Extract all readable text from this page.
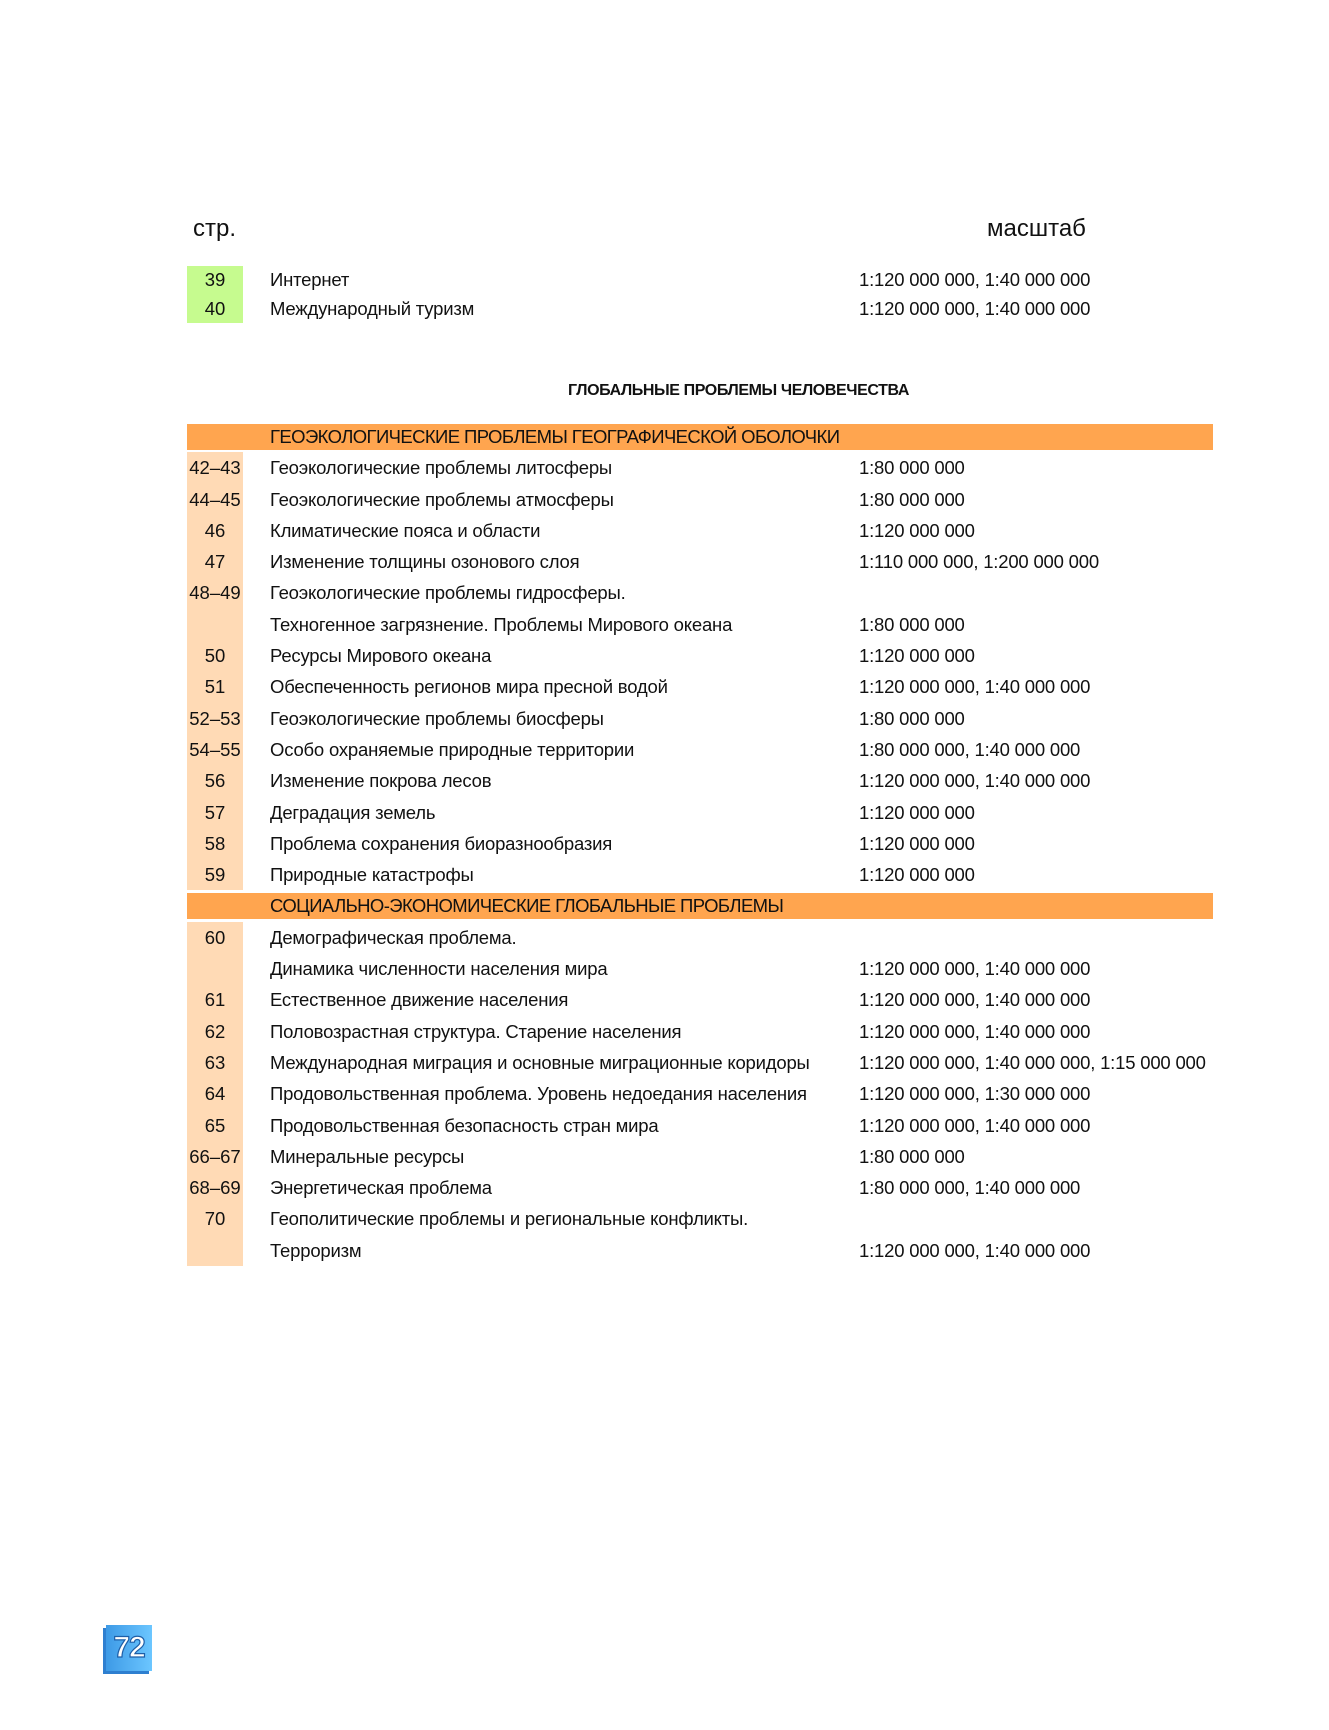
стр.	масштаб
39	Интернет	1:120 000 000, 1:40 000 000
40	Международный туризм	1:120 000 000, 1:40 000 000
ГЛОБАЛЬНЫЕ ПРОБЛЕМЫ ЧЕЛОВЕЧЕСТВА
ГЕОЭКОЛОГИЧЕСКИЕ ПРОБЛЕМЫ ГЕОГРАФИЧЕСКОЙ ОБОЛОЧКИ
42–43 Геоэкологические проблемы литосферы	1:80 000 000
44–45 Геоэкологические проблемы атмосферы	1:80 000 000
46	Климатические пояса и области	1:120 000 000
47	Изменение толщины озонового слоя	1:110 000 000, 1:200 000 000
48–49 Геоэкологические проблемы гидросферы.
Техногенное загрязнение. Проблемы Мирового океана	1:80 000 000
50	Ресурсы Мирового океана	1:120 000 000
51	Обеспеченность регионов мира пресной водой	1:120 000 000, 1:40 000 000
52–53 Геоэкологические проблемы биосферы	1:80 000 000
54–55 Особо охраняемые природные территории	1:80 000 000, 1:40 000 000
56	Изменение покрова лесов	1:120 000 000, 1:40 000 000
57	Деградация земель	1:120 000 000
58	Проблема сохранения биоразнообразия	1:120 000 000
59	Природные катастрофы	1:120 000 000
СОЦИАЛЬНО-ЭКОНОМИЧЕСКИЕ ГЛОБАЛЬНЫЕ ПРОБЛЕМЫ
60	Демографическая проблема.
Динамика численности населения мира	1:120 000 000, 1:40 000 000
61	Естественное движение населения	1:120 000 000, 1:40 000 000
62	Половозрастная структура. Старение населения	1:120 000 000, 1:40 000 000
63	Международная миграция и основные миграционные коридоры	1:120 000 000, 1:40 000 000, 1:15 000 000
64	Продовольственная проблема. Уровень недоедания населения	1:120 000 000, 1:30 000 000
65	Продовольственная безопасность стран мира	1:120 000 000, 1:40 000 000
66–67 Минеральные ресурсы	1:80 000 000
68–69 Энергетическая проблема	1:80 000 000, 1:40 000 000
70	Геополитические проблемы и региональные конфликты.
Терроризм	1:120 000 000, 1:40 000 000
72
